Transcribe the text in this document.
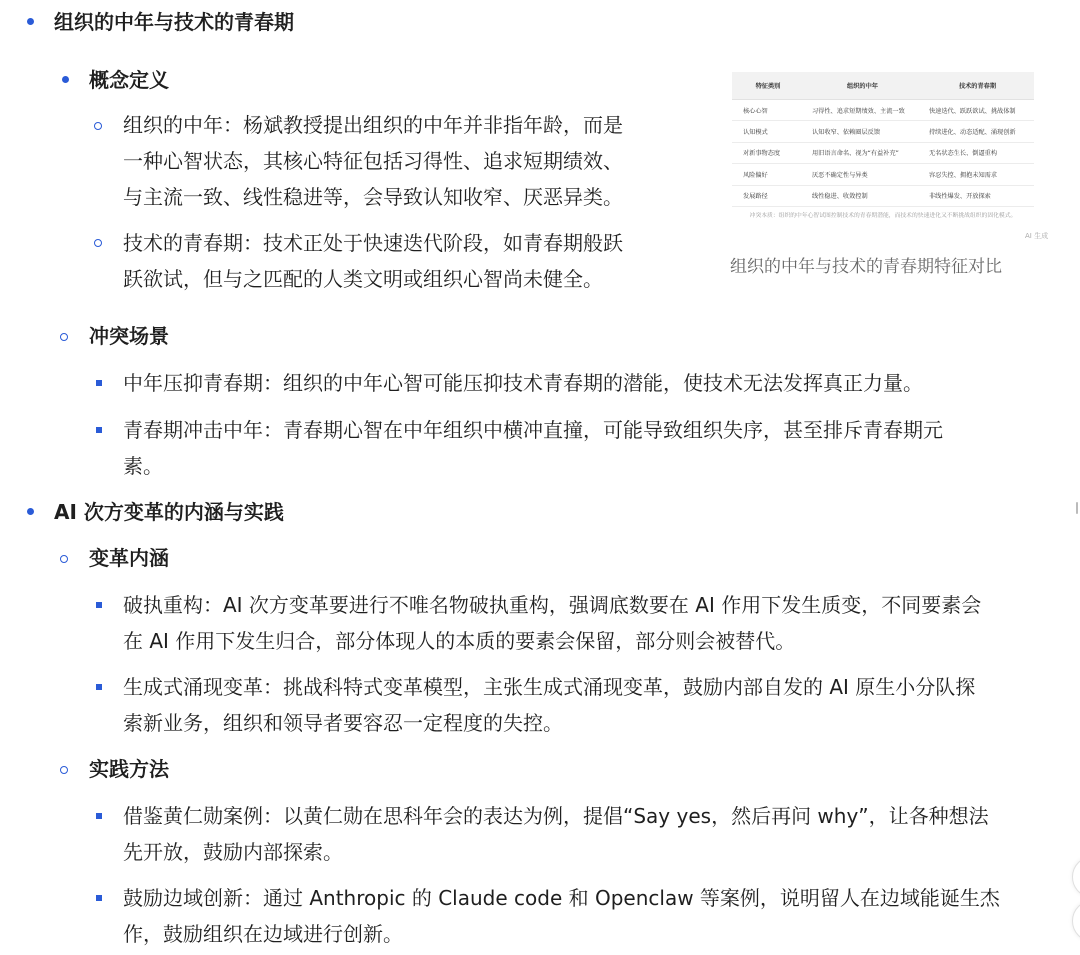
组织的中年与技术的青春期
概念定义
组织的中年：杨斌教授提出组织的中年并非指年龄，而是
一种心智状态，其核心特征包括习得性、追求短期绩效、
与主流一致、线性稳进等，会导致认知收窄、厌恶异类。
技术的青春期：技术正处于快速迭代阶段，如青春期般跃
跃欲试，但与之匹配的人类文明或组织心智尚未健全。
冲突场景
中年压抑青春期：组织的中年心智可能压抑技术青春期的潜能，使技术无法发挥真正力量。
青春期冲击中年：青春期心智在中年组织中横冲直撞，可能导致组织失序，甚至排斥青春期元
素。
特征类别	组织的中年	技术的青春期
核心心智	习得性、追求短期绩效、主流一致	快速迭代、跃跃欲试、挑战体制
认知模式	认知收窄、依赖圈层反馈	持续进化、动态适配、涌现创新
对新事物态度	用旧语言命名、视为“有益补充”	无名状态生长、倒逼重构
风险偏好	厌恶不确定性与异类	容忍失控、拥抱未知需求
发展路径	线性稳进、收敛控制	非线性爆发、开放探索
冲突本质：组织的中年心智试图控制技术的青春期潜能，而技术的快速进化又不断挑战组织的固化模式。
AI 生成
组织的中年与技术的青春期特征对比
AI 次方变革的内涵与实践
变革内涵
破执重构：AI 次方变革要进行不唯名物破执重构，强调底数要在 AI 作用下发生质变，不同要素会
在 AI 作用下发生归合，部分体现人的本质的要素会保留，部分则会被替代。
生成式涌现变革：挑战科特式变革模型，主张生成式涌现变革，鼓励内部自发的 AI 原生小分队探
索新业务，组织和领导者要容忍一定程度的失控。
实践方法
借鉴黄仁勋案例：以黄仁勋在思科年会的表达为例，提倡“Say yes，然后再问 why”，让各种想法
先开放，鼓励内部探索。
鼓励边域创新：通过 Anthropic 的 Claude code 和 Openclaw 等案例，说明留人在边域能诞生杰
作，鼓励组织在边域进行创新。
